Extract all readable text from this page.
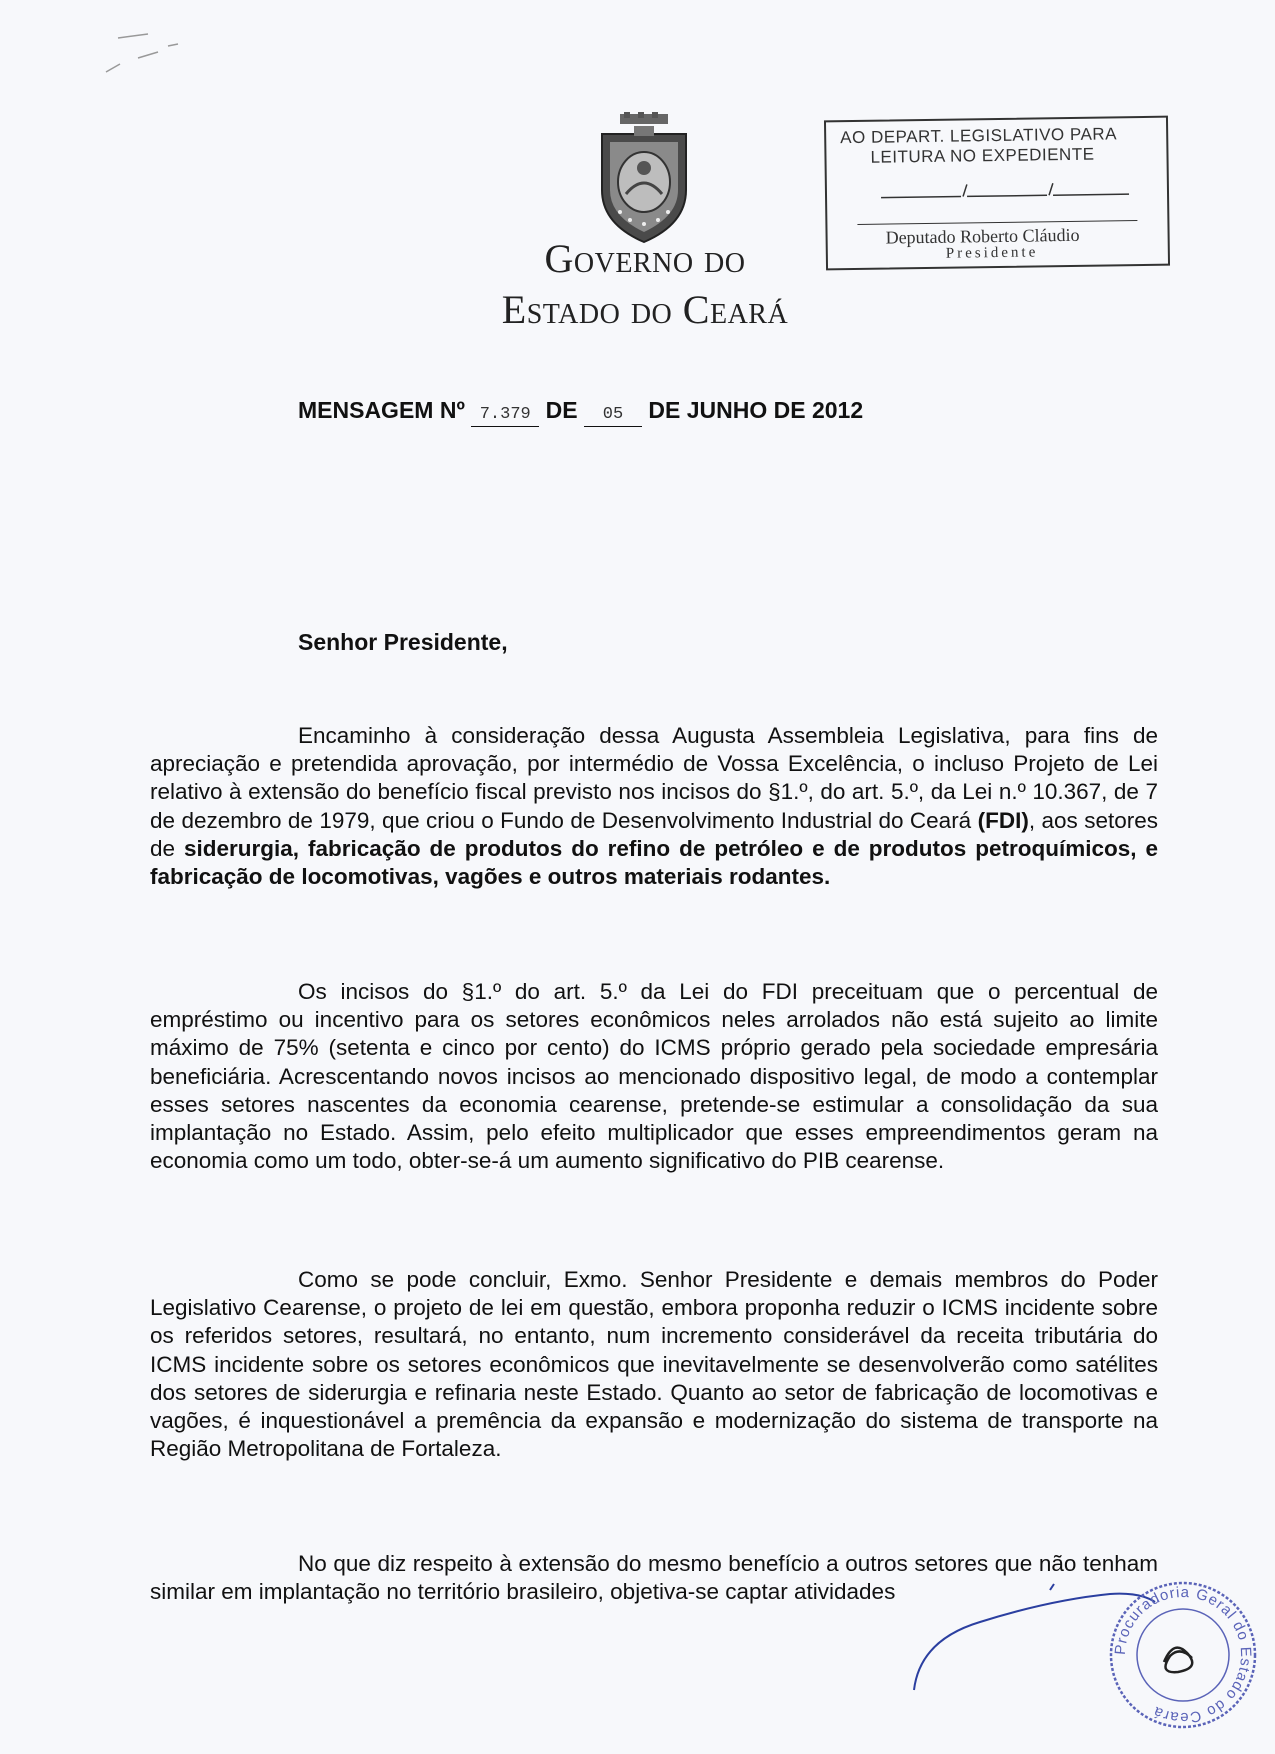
GOVERNO DO
ESTADO DO CEARÁ
AO DEPART. LEGISLATIVO PARA
LEITURA NO EXPEDIENTE
Deputado Roberto Cláudio
Presidente
MENSAGEM Nº 7.379 DE 05 DE JUNHO DE 2012
Senhor Presidente,
Encaminho à consideração dessa Augusta Assembleia Legislativa, para fins de apreciação e pretendida aprovação, por intermédio de Vossa Excelência, o incluso Projeto de Lei relativo à extensão do benefício fiscal previsto nos incisos do §1.º, do art. 5.º, da Lei n.º 10.367, de 7 de dezembro de 1979, que criou o Fundo de Desenvolvimento Industrial do Ceará (FDI), aos setores de siderurgia, fabricação de produtos do refino de petróleo e de produtos petroquímicos, e fabricação de locomotivas, vagões e outros materiais rodantes.
Os incisos do §1.º do art. 5.º da Lei do FDI preceituam que o percentual de empréstimo ou incentivo para os setores econômicos neles arrolados não está sujeito ao limite máximo de 75% (setenta e cinco por cento) do ICMS próprio gerado pela sociedade empresária beneficiária. Acrescentando novos incisos ao mencionado dispositivo legal, de modo a contemplar esses setores nascentes da economia cearense, pretende-se estimular a consolidação da sua implantação no Estado. Assim, pelo efeito multiplicador que esses empreendimentos geram na economia como um todo, obter-se-á um aumento significativo do PIB cearense.
Como se pode concluir, Exmo. Senhor Presidente e demais membros do Poder Legislativo Cearense, o projeto de lei em questão, embora proponha reduzir o ICMS incidente sobre os referidos setores, resultará, no entanto, num incremento considerável da receita tributária do ICMS incidente sobre os setores econômicos que inevitavelmente se desenvolverão como satélites dos setores de siderurgia e refinaria neste Estado. Quanto ao setor de fabricação de locomotivas e vagões, é inquestionável a premência da expansão e modernização do sistema de transporte na Região Metropolitana de Fortaleza.
No que diz respeito à extensão do mesmo benefício a outros setores que não tenham similar em implantação no território brasileiro, objetiva-se captar atividades
Procuradoria Geral do Estado do Ceará
